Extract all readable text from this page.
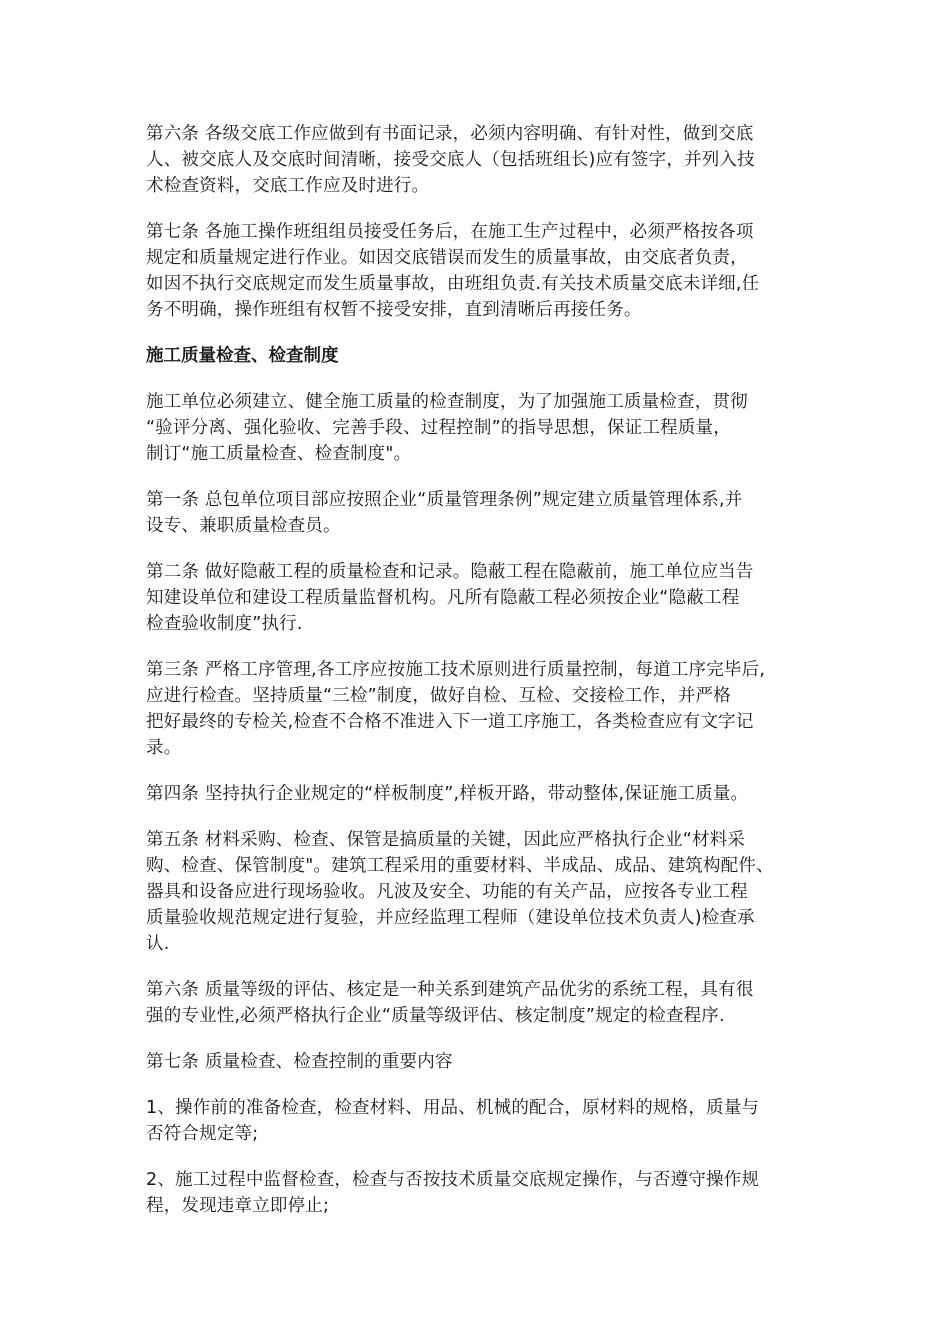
第六条 各级交底工作应做到有书面记录，必须内容明确、有针对性，做到交底
人、被交底人及交底时间清晰，接受交底人（包括班组长)应有签字，并列入技
术检查资料，交底工作应及时进行。

第七条 各施工操作班组组员接受任务后，在施工生产过程中，必须严格按各项
规定和质量规定进行作业。如因交底错误而发生的质量事故，由交底者负责，
如因不执行交底规定而发生质量事故，由班组负责.有关技术质量交底未详细,任
务不明确，操作班组有权暂不接受安排，直到清晰后再接任务。

施工质量检查、检查制度

施工单位必须建立、健全施工质量的检查制度，为了加强施工质量检查，贯彻
“验评分离、强化验收、完善手段、过程控制”的指导思想，保证工程质量，
制订“施工质量检查、检查制度"。

第一条 总包单位项目部应按照企业“质量管理条例”规定建立质量管理体系,并
设专、兼职质量检查员。

第二条 做好隐蔽工程的质量检查和记录。隐蔽工程在隐蔽前，施工单位应当告
知建设单位和建设工程质量监督机构。凡所有隐蔽工程必须按企业“隐蔽工程
检查验收制度”执行.

第三条 严格工序管理,各工序应按施工技术原则进行质量控制，每道工序完毕后,
应进行检查。坚持质量“三检”制度，做好自检、互检、交接检工作，并严格
把好最终的专检关,检查不合格不准进入下一道工序施工，各类检查应有文字记
录。

第四条 坚持执行企业规定的“样板制度”,样板开路，带动整体,保证施工质量。

第五条 材料采购、检查、保管是搞质量的关键，因此应严格执行企业“材料采
购、检查、保管制度"。建筑工程采用的重要材料、半成品、成品、建筑构配件、
器具和设备应进行现场验收。凡波及安全、功能的有关产品，应按各专业工程
质量验收规范规定进行复验，并应经监理工程师（建设单位技术负责人)检查承
认.

第六条 质量等级的评估、核定是一种关系到建筑产品优劣的系统工程，具有很
强的专业性,必须严格执行企业“质量等级评估、核定制度”规定的检查程序.

第七条 质量检查、检查控制的重要内容

1、操作前的准备检查，检查材料、用品、机械的配合，原材料的规格，质量与
否符合规定等;

2、施工过程中监督检查，检查与否按技术质量交底规定操作，与否遵守操作规
程，发现违章立即停止;
